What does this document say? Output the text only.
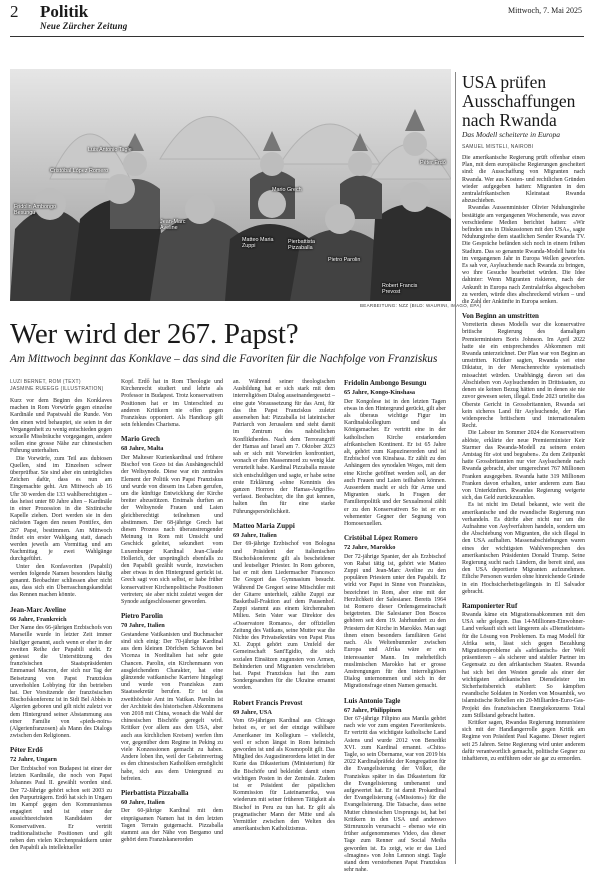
2 Politik
Neue Zürcher Zeitung
Mittwoch, 7. Mai 2025
Luis Antonio Tagle
Cristóbal López Romero
Fridolin Ambongo Besungu
Jean-Marc Aveline
Mario Grech
Matteo Maria Zuppi
Pierbattista Pizzaballa
Pietro Parolin
Robert Francis Prevost
Péter Erdő
BEARBEITUNG: NZZ (BILD: WAURINI, IMAGO, EPA)
Wer wird der 267. Papst?
Am Mittwoch beginnt das Konklave – das sind die Favoriten für die Nachfolge von Franziskus
LUZI BERNET, ROM (TEXT)
JASMINE RUEEGG (ILLUSTRATION)

Kurz vor dem Beginn des Konklaves machen in Rom Vorwürfe gegen einzelne Kardinäle und Papstwahl die Runde. Von den einen wird behauptet, sie seien in der Vergangenheit zu wenig entschieden gegen sexuelle Missbräuche vorgegangen, andere sollen eine grosse Nähe zur chinesischen Führung unterhalten.

Die Vorwürfe, zum Teil aus dubiosen Quellen, sind im Einzelnen schwer überprüfbar. Sie sind aber ein untrügliches Zeichen dafür, dass es nun am Eingemachte geht. Am Mittwoch ab 16 Uhr 30 werden die 133 wahlberechtigten – das heisst unter 80 Jahre alten – Kardinäle in einer Prozession in die Sixtinische Kapelle ziehen. Dort werden sie in den nächsten Tagen den neuen Pontifex, den 267 Papst, bestimmen. Am Mittwoch findet ein erster Wahlgang statt, danach werden jeweils am Vormittag und am Nachmittag je zwei Wahlgänge durchgeführt.

Unter den Konfavoriten (Papabili) werden folgende Namen besonders häufig genannt. Beobachter schliessen aber nicht aus, dass sich ein Überraschungskandidat das Rennen machen könnte.

Jean-Marc Aveline
66 Jahre, Frankreich

Der Name des 66-jährigen Erzbischofs von Marseille wurde in letzter Zeit immer häufiger genannt, auch wenn er eher in der zweiten Reihe der Papabili steht. Er geniesst die Unterstützung des französischen Staatspräsidenten Emmanuel Macron, der sich nur Tag der Beisetzung von Papst Franziskus unverhohlen Lobbying für ihn betrieben hat. Der Vorsitzende der französischen Bischofskonferenz ist in Sidi Bel Abbès in Algerien geboren und gilt nicht zuletzt vor dem Hintergrund seiner Abstammung aus einer Familie von «pieds-noirs» (Algerienfranzosen) als Mann des Dialogs zwischen den Religionen.

Péter Erdő
72 Jahre, Ungarn

Der Erzbischof von Budapest ist einer der letzten Kardinäle, die noch von Papst Johannes Paul II. gewählt worden sind. Der 72-Jährige gehört schon seit 2003 zu den Purpurträgern. Erdő hat sich in Ungarn im Kampf gegen den Kommunismus engagiert und ist einer der aussichtsreichsten Kandidaten der Konservativen. Er vertritt traditionalistische Positionen und gilt neben den vielen Kirchenpraktikern unter den Papabili als intellektueller

Kopf. Erdő hat in Rom Theologie und Kirchenrecht studiert und lehrte als Professor in Budapest. Trotz konservativen Positionen hat er im Unterschied zu anderen Kritikern nie offen gegen Franziskus opponiert. Als Handicap gilt sein fehlendes Charisma.

Mario Grech
68 Jahre, Malta

Der Malteser Kurienkardinal und frühere Bischof von Gozo ist das Aushängeschild der Weltsynode. Diese war ein zentrales Element der Politik von Papst Franziskus und wurde von diesem ins Leben gerufen, um die künftige Entwicklung der Kirche breiter abzustützen. Erstmals durften an der Weltsynode Frauen und Laien gleichberechtigt teilnehmen und abstimmen. Der 68-jährige Grech hat diesen Prozess nach überanstrengender Meinung in Rom mit Umsicht und Geschick geleitet, sekundiert vom Luxemburger Kardinal Jean-Claude Hollerich, der ursprünglich ebenfalls zu den Papabili gezählt wurde, inzwischen aber etwas in den Hintergrund gerückt ist. Grech sagt von sich selbst, er habe früher konservativer Kirchenpolitische Positionen vertreten; sie aber nicht zuletzt wegen der Synode aufgeschlossener geworden.

Pietro Parolin
70 Jahre, Italien

Gestandene Vatikanisten und Buchmacher sind sich einig: Der 70-jährige Kardinal aus dem kleinen Dörfchen Schiavon bei Vicenza in Norditalien hat sehr gute Chancen. Parolin, ein Kirchenmann von ausgleichendem Charakter, hat eine glänzende vatikanische Karriere hingelegt und wurde von Franziskus zum Staatssekretär berufen. Er ist das zweithöchste Amt im Vatikan. Parolin ist der Architekt des historischen Abkommens von 2018 mit China, wonach die Wahl der chinesischen Bischöfe geregelt wird. Kritiker (vor allem aus den USA, aber auch aus kirchlichen Kreisen) werfen ihm vor, gegenüber dem Regime in Peking zu viele Konzessionen gemacht zu haben. Andere loben ihn, weil der Geheimvertrag es den chinesischen Katholiken ermöglicht habe, sich aus dem Untergrund zu befreien.

Pierbattista Pizzaballa
60 Jahre, Italien

Der 60-jährige Kardinal mit dem einprägsamen Namen hat in den letzten Tagen Terrain gutgemacht. Pizzaballa stammt aus der Nähe von Bergamo und gehört dem Franziskanerorden

an. Während seiner theologischen Ausbildung hat er sich stark mit dem interreligiösen Dialog auseinandergesetzt – eine gute Voraussetzung für das Amt, für das ihn Papst Franziskus zuletzt ausersehen hat: Pizzaballa ist lateinischer Patriarch von Jerusalem und steht damit im Zentrum des nahöstlichen Konfliktherdes. Nach dem Terrorangriff der Hamas auf Israel am 7. Oktober 2023 sah er sich mit Vorwürfen konfrontiert, wonach er den Massenmord zu wenig klar verurteilt habe. Kardinal Pizzaballa musste sich entschuldigen und sagte, er habe seine erste Erklärung «ohne Kenntnis des ganzen Horrors der Hamas-Angriffe» verfasst. Beobachter, die ihn gut kennen, halten ihn für eine starke Führungspersönlichkeit.

Matteo Maria Zuppi
69 Jahre, Italien

Der 69-jährige Erzbischof von Bologna und Präsident der italienischen Bischofskonferenz gilt als bescheidener und leutseliger Priester. In Rom geboren, hat er mit dem Liedermacher Francesco De Gregori das Gymnasium besucht. Während De Gregori seine Mitschüler mit der Gitarre unterhielt, zählte Zuppi zur Basketball-Fraktion auf dem Pausenhof. Zuppi stammt aus einem kirchennahen Milieu. Sein Vater war Direktor des «Osservatore Romano», der offiziellen Zeitung des Vatikans, seine Mutter war die Nichte des Privatsekretärs von Papst Pius XI. Zuppi gehört zum Umfeld der Gemeinschaft Sant'Egidio, die sich sozialen Einsätzen zugunsten von Armen, Behinderten und Migranten verschrieben hat. Papst Franziskus hat ihn zum Sondergesandten für die Ukraine ernannt worden.

Robert Francis Prevost
69 Jahre, USA

Vom 69-jährigen Kardinal aus Chicago heisst es, er sei der einzige wählbare Amerikaner im Kollegium – vielleicht, weil er schon längst in Rom heimisch geworden ist und als Kosmopolit gilt. Das Mitglied des Augustinerordens leitet in der Kurie das Dikasterium (Ministerium) für die Bischöfe und bekleidet damit einen wichtigen Posten in der Zentrale. Zudem ist er Präsident der päpstlichen Kommission für Lateinamerika, was wiederum mit seiner früheren Tätigkeit als Bischof in Peru zu tun hat. Er gilt als pragmatischer Mann der Mitte und als Vermittler zwischen den Welten des amerikanischen Katholizismus.

Fridolin Ambongo Besungu
65 Jahre, Kongo-Kinshasa

Der Kongolese ist in den letzten Tagen etwas in den Hintergrund gerückt, gilt aber als überaus wichtige Figur im Kardinalskollegium und als Königsmacher. Er vertritt eine in der katholischen Kirche erstarkenden afrikanischen Kontinent. Er ist 65 Jahre alt, gehört zum Kapuzinerorden und ist Erzbischof von Kinshasa. Er zählt zu den Anhängern des synodalen Weges, mit dem eine Kirche geöffnet werden soll, an der auch Frauen und Laien teilhaben können. Ausserdem macht er sich für Arme und Migranten stark. In Fragen der Familienpolitik und der Sexualmoral zählt er zu den Konservativen So ist er ein vehementer Gegner der Segnung von Homosexuellen.

Cristóbal López Romero
72 Jahre, Marokko

Der 72-jährige Spanier, der als Erzbischof von Rabat tätig ist, gehört wie Matteo Zuppi und Jean-Marc Aveline zu den populären Priestern unter den Papabili. Er wirkt vor Papst in Sinne von Franziskus, bezeichnet in Rom, aber eine mit der Herzlichkeit der Salesianer. Bereits 1964 ist Romero dieser Ordensgemeinschaft beigetreten. Die Salesianer Don Boscos gehören seit dem 19. Jahrhundert zu den Priestern der Kirche in Marokko. Man sagt ihnen einen besonders familiären Geist nach. Als Weltenbummler zwischen Europa und Afrika wäre er ein interessanter Mann. Im mehrheitlich muslimischen Marokko hat er grosse Anstrengungen für den interreligiösen Dialog unternommen und sich in der Migrationsfrage einen Namen gemacht.

Luis Antonio Tagle
67 Jahre, Philippinen

Der 67-jährige Filipino aus Manila gehört nach wie vor zum engsten Favoritenkreis. Er vertritt das wichtigste katholische Land Asiens und wurde 2012 von Benedikt XVI. zum Kardinal ernannt. «Chito» Tagle, so sein Übername, war von 2019 bis 2022 Kardinalpräfekt der Kongregation für die Evangelisierung der Völker, die Franziskus später in das Dikasterium für die Evangelisierung umbenannt und aufgewertet hat. Er ist damit Prokardinal der Evangelisierung («Missions») für die Evangelisierung. Die Tatsache, dass seine Mutter chinesischen Ursprungs ist, hat bei Kritikern in den USA und anderswo Stirnrunzeln verursacht – ebenso wie ein früher aufgenommenes Video, das dieser Tage zum Renner auf Social Media geworden ist. Es zeigt, wie er das Lied «Imagine» von John Lennon singt. Tagle stand dem verstorbenen Papst Franziskus sehr nahe.

USA prüfen Ausschaffungen nach Rwanda
Das Modell scheiterte in Europa
SAMUEL MISTELI, NAIROBI

Die amerikanische Regierung prüft offenbar einen Plan, mit dem europäische Regierungen gescheitert sind: die Ausschaffung von Migranten nach Rwanda. Wer aus Kosten- und rechtlichen Gründen wieder aufgegeben hatten: Migranten in den zentralafrikanischen Kleinstaat Rwanda abzuschieben.

Rwandas Aussenminister Olivier Nduhungirehe bestätigte am vergangenen Wochenende, was zuvor verschiedene Medien berichtet hatten: «Wir befinden uns in Diskussionen mit den USA», sagte Nduhungirehe dem staatlichen Sender Rwanda TV. Die Gespräche befänden sich noch in einem frühen Stadium. Das so genannte Rwanda-Modell hatte bis im vergangenen Jahr in Europa Wellen geworfen. Es sah vor, Asylsuchende nach Rwanda zu bringen, wo ihre Gesuche bearbeitet würden. Die Idee dahinter: Wenn Migranten riskieren, nach der Ankunft in Europa nach Zentralafrika abgeschoben zu werden, würde dies abschreckend wirken – und die Zahl der Ankünfte in Europa senken.

Von Beginn an umstritten

Vorreiterin dieses Modells war die konservative britische Regierung des damaligen Premierministers Boris Johnson. Im April 2022 hatte sie ein entsprechendes Abkommen mit Rwanda unterzeichnet. Der Plan war von Beginn an umstritten. Kritiker sagten, Rwanda sei eine Diktatur, in der Menschenrechte systematisch missachtet würden. Unabhängig davon sei das Abschieben von Asylsuchenden in Drittstaaten, zu denen sie keinen Bezug hätten und in denen sie nie zuvor gewesen seien, illegal. Ende 2023 urteilte das Oberste Gericht in Grossbritannien, Rwanda sei kein sicheres Land für Asylsuchende, der Plan widerspreche britischem und internationalem Recht.

Die Labour im Sommer 2024 die Konservativen ablöste, erklärte der neue Premierminister Keir Starmer das Rwanda-Modell zu seinem ersten Amtstag für «tot und begraben». Zu dem Zeitpunkt hatte Grossbritannien nur vier Asylsuchende nach Rwanda gebracht, aber umgerechnet 767 Millionen Franken ausgegeben. Rwanda hatte 319 Millionen Franken davon erhalten, unter anderem zum Bau von Unterkünften. Rwandas Regierung weigerte sich, das Geld zurückzuzahlen.

Es ist nicht im Detail bekannt, wie weit die amerikanische und die rwandische Regierung nun verhandeln. Es dürfte aber nicht nur um die Aufnahme von Asylverfahren handeln, sondern um die Abschiebung von Migranten, die sich illegal in den USA aufhalten. Massenabschiebungen waren eines der wichtigsten Wahlversprechen des amerikanischen Präsidenten Donald Trump. Seine Regierung sucht nach Ländern, die bereit sind, aus den USA deportierte Migranten aufzunehmen. Etliche Personen wurden ohne hinreichende Gründe in ein Hochsicherheitsgefängnis in El Salvador gebracht.

Ramponierter Ruf

Rwanda käme ein Migrationsabkommen mit den USA sehr gelegen. Das 14-Millionen-Einwohner-Land verkauft sich seit längerem als «Dienstleister» für die Lösung von Problemen. Es mag Modell für Afrika sein, lässt sich gegen Bezahlung Migrationsprobleme als «afrikanisch» der Welt präsentieren – als sicherer und stabiler Partner im Gegensatz zu den afrikanischen Staaten. Rwanda hat sich bei den Westen gerade als einer der wichtigsten afrikanischen Dienstleister im Sicherheitsbereich etabliert: So kämpften rwandische Soldaten in Norden von Mosambik, wo islamistische Rebellen ein 20-Milliarden-Euro-Gas-Projekt des französischen Energiekonzerns Total zum Stillstand gebracht hatten.

Kritiker sagen, Rwandas Regierung immunisiere sich mit der Handlangerrolle gegen Kritik am Regime von Präsident Paul Kagame. Dieser regiert seit 25 Jahren. Seine Regierung wird unter anderem dafür verantwortlich gemacht, politische Gegner zu inhaftieren, zu entführen oder sie gar zu ermorden.
